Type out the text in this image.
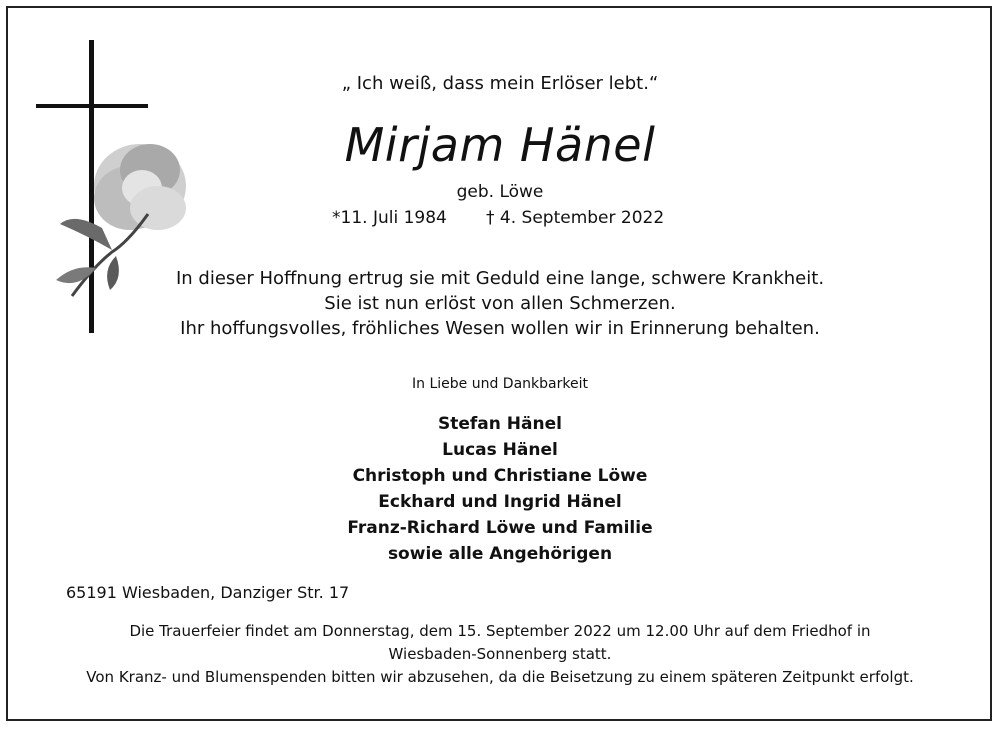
„ Ich weiß, dass mein Erlöser lebt.“
Mirjam Hänel
geb. Löwe
*11. Juli 1984 † 4. September 2022
In dieser Hoffnung ertrug sie mit Geduld eine lange, schwere Krankheit.
Sie ist nun erlöst von allen Schmerzen.
Ihr hoffungsvolles, fröhliches Wesen wollen wir in Erinnerung behalten.
In Liebe und Dankbarkeit
Stefan Hänel
Lucas Hänel
Christoph und Christiane Löwe
Eckhard und Ingrid Hänel
Franz-Richard Löwe und Familie
sowie alle Angehörigen
65191 Wiesbaden, Danziger Str. 17
Die Trauerfeier findet am Donnerstag, dem 15. September 2022 um 12.00 Uhr auf dem Friedhof in
Wiesbaden-Sonnenberg statt.
Von Kranz- und Blumenspenden bitten wir abzusehen, da die Beisetzung zu einem späteren Zeitpunkt erfolgt.
